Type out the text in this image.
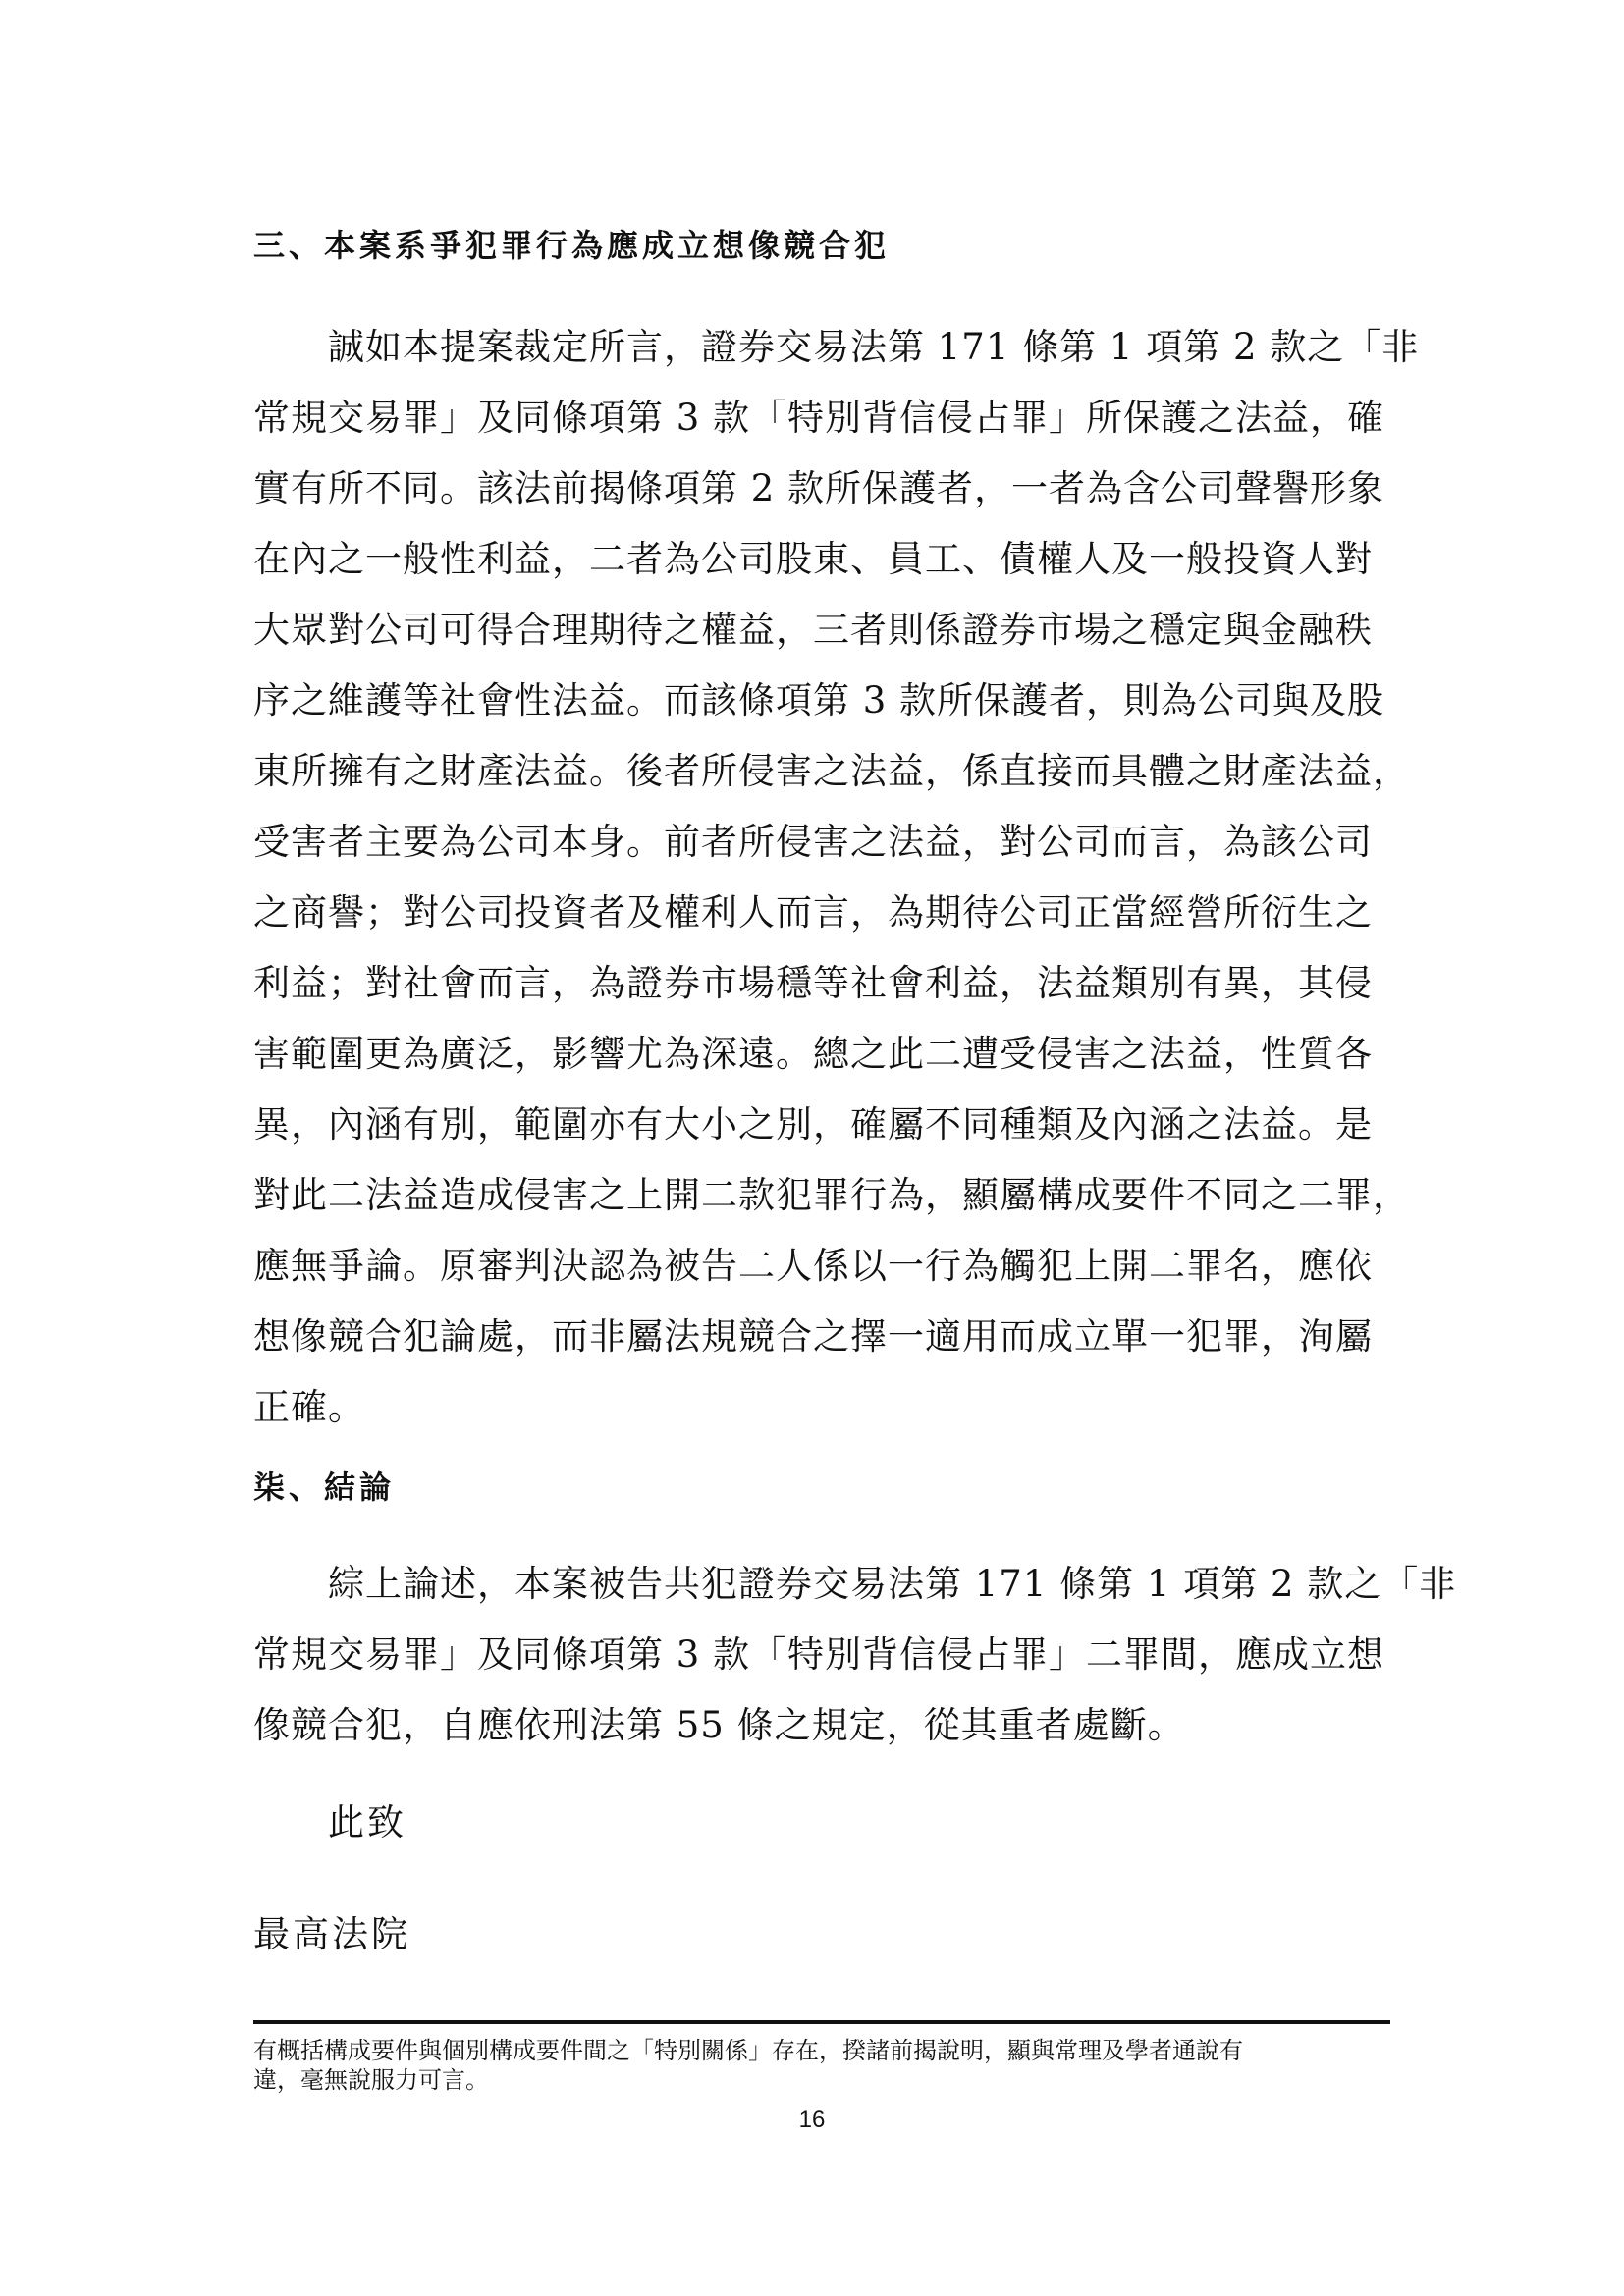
三、本案系爭犯罪行為應成立想像競合犯
誠如本提案裁定所言，證券交易法第 171 條第 1 項第 2 款之「非
常規交易罪」及同條項第 3 款「特別背信侵占罪」所保護之法益，確
實有所不同。該法前揭條項第 2 款所保護者，一者為含公司聲譽形象
在內之一般性利益，二者為公司股東、員工、債權人及一般投資人對
大眾對公司可得合理期待之權益，三者則係證券市場之穩定與金融秩
序之維護等社會性法益。而該條項第 3 款所保護者，則為公司與及股
東所擁有之財產法益。後者所侵害之法益，係直接而具體之財產法益，
受害者主要為公司本身。前者所侵害之法益，對公司而言，為該公司
之商譽；對公司投資者及權利人而言，為期待公司正當經營所衍生之
利益；對社會而言，為證券市場穩等社會利益，法益類別有異，其侵
害範圍更為廣泛，影響尤為深遠。總之此二遭受侵害之法益，性質各
異，內涵有別，範圍亦有大小之別，確屬不同種類及內涵之法益。是
對此二法益造成侵害之上開二款犯罪行為，顯屬構成要件不同之二罪，
應無爭論。原審判決認為被告二人係以一行為觸犯上開二罪名，應依
想像競合犯論處，而非屬法規競合之擇一適用而成立單一犯罪，洵屬
正確。
柒、結論
綜上論述，本案被告共犯證券交易法第 171 條第 1 項第 2 款之「非
常規交易罪」及同條項第 3 款「特別背信侵占罪」二罪間，應成立想
像競合犯，自應依刑法第 55 條之規定，從其重者處斷。

此致

最高法院

有概括構成要件與個別構成要件間之「特別關係」存在，揆諸前揭說明，顯與常理及學者通說有
違，毫無說服力可言。

16
